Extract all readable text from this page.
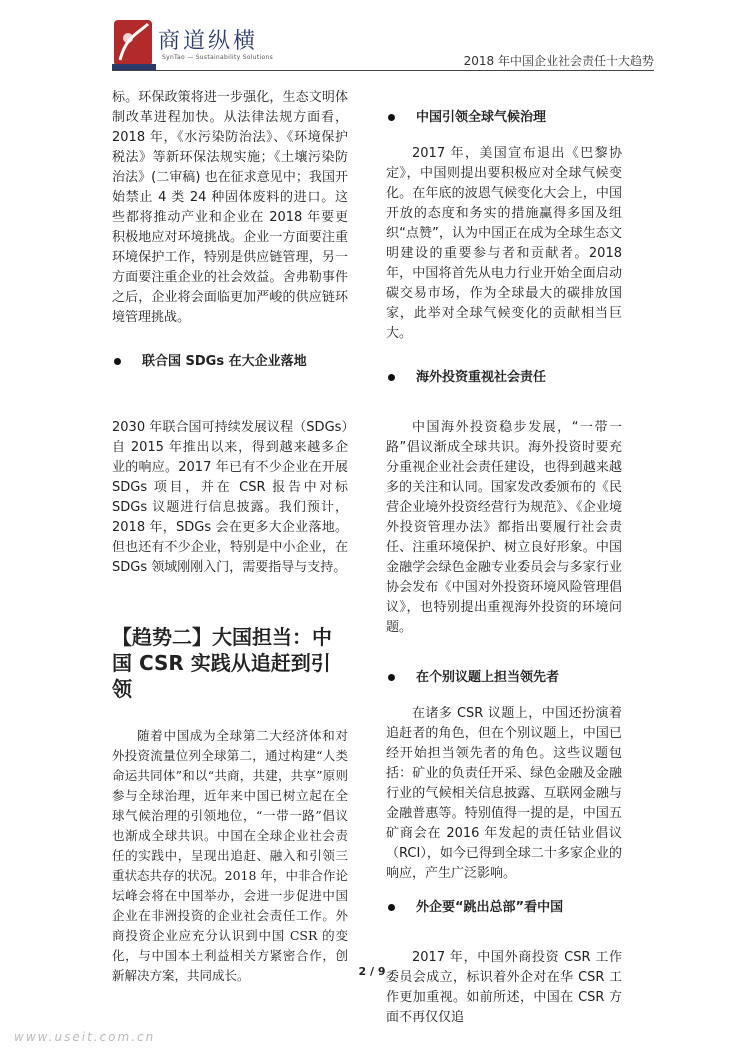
商道纵横
SynTao — Sustainability Solutions	2018 年中国企业社会责任十大趋势

标。环保政策将进一步强化，生态文明体制改革进程加快。从法律法规方面看，2018 年，《水污染防治法》、《环境保护税法》等新环保法规实施；《土壤污染防治法》(二审稿) 也在征求意见中；我国开始禁止 4 类 24 种固体废料的进口。这些都将推动产业和企业在 2018 年要更积极地应对环境挑战。企业一方面要注重环境保护工作，特别是供应链管理，另一方面要注重企业的社会效益。舍弗勒事件之后，企业将会面临更加严峻的供应链环境管理挑战。

联合国 SDGs 在大企业落地

2030 年联合国可持续发展议程（SDGs）自 2015 年推出以来，得到越来越多企业的响应。2017 年已有不少企业在开展 SDGs 项目，并在 CSR 报告中对标 SDGs 议题进行信息披露。我们预计，2018 年，SDGs 会在更多大企业落地。但也还有不少企业，特别是中小企业，在 SDGs 领域刚刚入门，需要指导与支持。

【趋势二】大国担当：中国 CSR 实践从追赶到引领

随着中国成为全球第二大经济体和对外投资流量位列全球第二，通过构建“人类命运共同体”和以“共商，共建，共享”原则参与全球治理，近年来中国已树立起在全球气候治理的引领地位，“一带一路”倡议也渐成全球共识。中国在全球企业社会责任的实践中，呈现出追赶、融入和引领三重状态共存的状况。2018 年，中非合作论坛峰会将在中国举办，会进一步促进中国企业在非洲投资的企业社会责任工作。外商投资企业应充分认识到中国 CSR 的变化，与中国本土利益相关方紧密合作，创新解决方案，共同成长。

中国引领全球气候治理

2017 年，美国宣布退出《巴黎协定》，中国则提出要积极应对全球气候变化。在年底的波恩气候变化大会上，中国开放的态度和务实的措施赢得多国及组织“点赞”，认为中国正在成为全球生态文明建设的重要参与者和贡献者。2018 年，中国将首先从电力行业开始全面启动碳交易市场，作为全球最大的碳排放国家，此举对全球气候变化的贡献相当巨大。

海外投资重视社会责任

中国海外投资稳步发展，“一带一路”倡议渐成全球共识。海外投资时要充分重视企业社会责任建设，也得到越来越多的关注和认同。国家发改委颁布的《民营企业境外投资经营行为规范》、《企业境外投资管理办法》都指出要履行社会责任、注重环境保护、树立良好形象。中国金融学会绿色金融专业委员会与多家行业协会发布《中国对外投资环境风险管理倡议》，也特别提出重视海外投资的环境问题。

在个别议题上担当领先者

在诸多 CSR 议题上，中国还扮演着追赶者的角色，但在个别议题上，中国已经开始担当领先者的角色。这些议题包括：矿业的负责任开采、绿色金融及金融行业的气候相关信息披露、互联网金融与金融普惠等。特别值得一提的是，中国五矿商会在 2016 年发起的责任钴业倡议（RCI），如今已得到全球二十多家企业的响应，产生广泛影响。

外企要“跳出总部”看中国

2017 年，中国外商投资 CSR 工作委员会成立，标识着外企对在华 CSR 工作更加重视。如前所述，中国在 CSR 方面不再仅仅追

2 / 9
www.useit.com.cn
